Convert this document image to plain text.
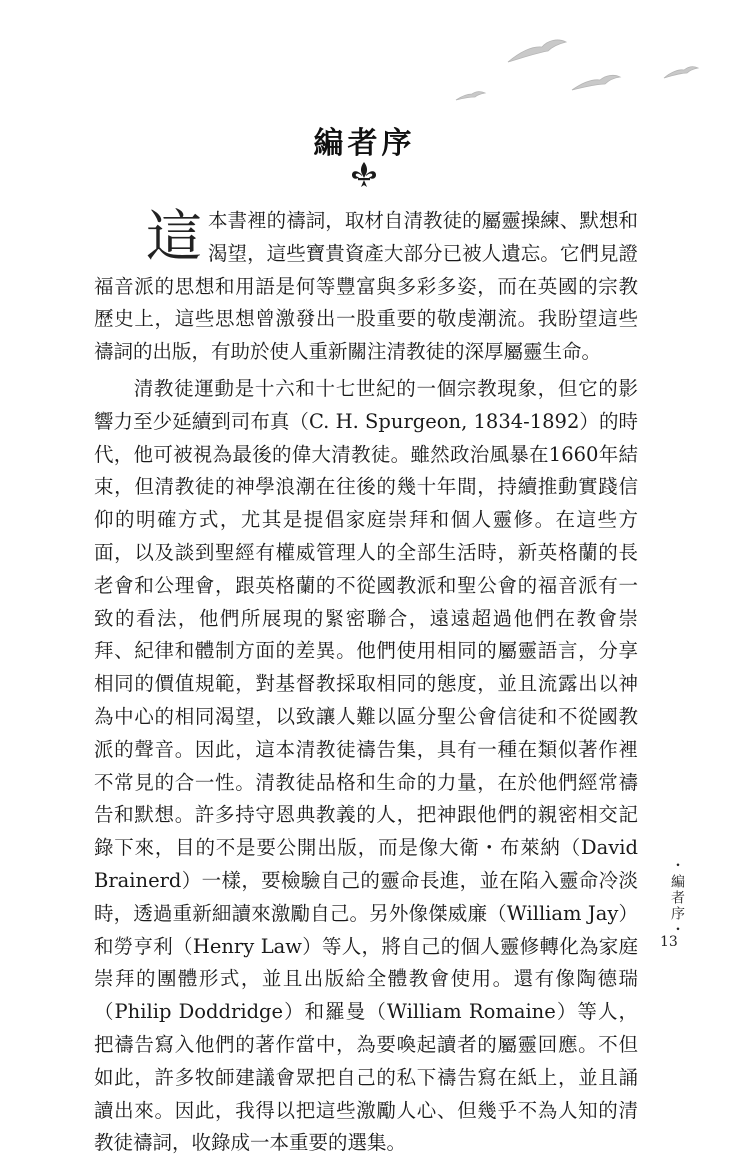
編者序

這本書裡的禱詞，取材自清教徒的屬靈操練、默想和渴望，這些寶貴資產大部分已被人遺忘。它們見證福音派的思想和用語是何等豐富與多彩多姿，而在英國的宗教歷史上，這些思想曾激發出一股重要的敬虔潮流。我盼望這些禱詞的出版，有助於使人重新關注清教徒的深厚屬靈生命。

清教徒運動是十六和十七世紀的一個宗教現象，但它的影響力至少延續到司布真（C. H. Spurgeon, 1834-1892）的時代，他可被視為最後的偉大清教徒。雖然政治風暴在1660年結束，但清教徒的神學浪潮在往後的幾十年間，持續推動實踐信仰的明確方式，尤其是提倡家庭崇拜和個人靈修。在這些方面，以及談到聖經有權威管理人的全部生活時，新英格蘭的長老會和公理會，跟英格蘭的不從國教派和聖公會的福音派有一致的看法，他們所展現的緊密聯合，遠遠超過他們在教會崇拜、紀律和體制方面的差異。他們使用相同的屬靈語言，分享相同的價值規範，對基督教採取相同的態度，並且流露出以神為中心的相同渴望，以致讓人難以區分聖公會信徒和不從國教派的聲音。因此，這本清教徒禱告集，具有一種在類似著作裡不常見的合一性。清教徒品格和生命的力量，在於他們經常禱告和默想。許多持守恩典教義的人，把神跟他們的親密相交記錄下來，目的不是要公開出版，而是像大衛・布萊納（David Brainerd）一樣，要檢驗自己的靈命長進，並在陷入靈命冷淡時，透過重新細讀來激勵自己。另外像傑威廉（William Jay）和勞亨利（Henry Law）等人，將自己的個人靈修轉化為家庭崇拜的團體形式，並且出版給全體教會使用。還有像陶德瑞（Philip Doddridge）和羅曼（William Romaine）等人，把禱告寫入他們的著作當中，為要喚起讀者的屬靈回應。不但如此，許多牧師建議會眾把自己的私下禱告寫在紙上，並且誦讀出來。因此，我得以把這些激勵人心、但幾乎不為人知的清教徒禱詞，收錄成一本重要的選集。

・編者序・
13
